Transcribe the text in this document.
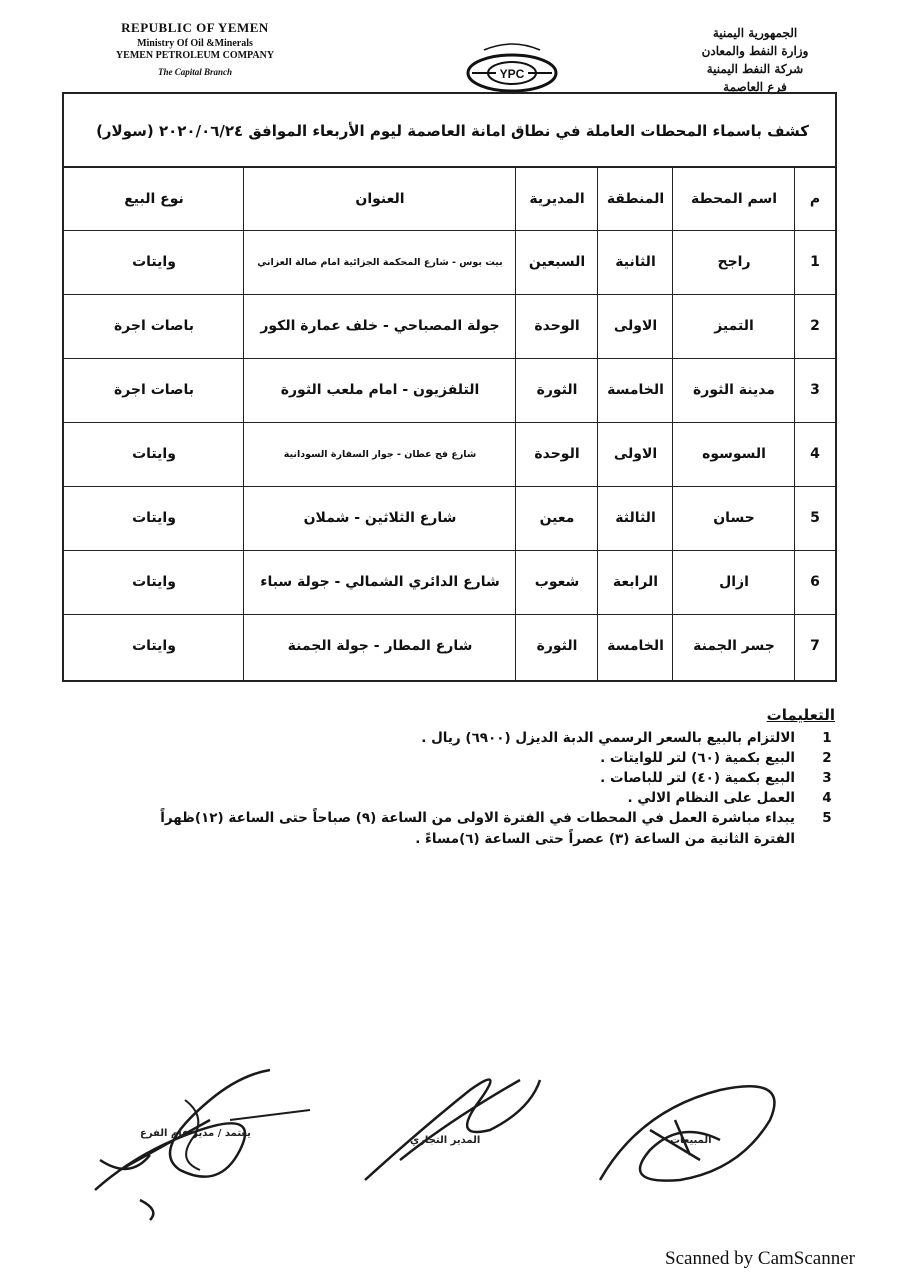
REPUBLIC OF YEMEN
Ministry Of Oil &Minerals
YEMEN PETROLEUM COMPANY
The Capital Branch	YPC
الجمهورية اليمنية
وزارة النفط والمعادن
شركة النفط اليمنية
فرع العاصمة
كشف باسماء المحطات العاملة في نطاق امانة العاصمة ليوم الأربعاء الموافق ٢٠٢٠/٠٦/٢٤ (سولار)
م
اسم المحطة
المنطقة
المديرية
العنوان
نوع البيع
1
راجح
الثانية
السبعين
بيت بوس - شارع المحكمة الجزائية امام صالة العزاني
وايتات
2
التميز
الاولى
الوحدة
جولة المصباحي - خلف عمارة الكور
باصات اجرة
3
مدينة الثورة
الخامسة
الثورة
التلفزيون - امام ملعب الثورة
باصات اجرة
4
السوسوه
الاولى
الوحدة
شارع فج عطان - جوار السفارة السودانية
وايتات
5
حسان
الثالثة
معين
شارع الثلاثين - شملان
وايتات
6
ازال
الرابعة
شعوب
شارع الدائري الشمالي - جولة سباء
وايتات
7
جسر الجمنة
الخامسة
الثورة
شارع المطار - جولة الجمنة
وايتات
التعليمات
1
الالتزام بالبيع بالسعر الرسمي الدبة الديزل (٦٩٠٠) ريال .
2
البيع بكمية (٦٠) لتر للوايتات .
3
البيع بكمية (٤٠) لتر للباصات .
4
العمل على النظام الالي .
5
يبداء مباشرة العمل في المحطات في الفترة الاولى من الساعة (٩) صباحاً حتى الساعة (١٢)ظهراً
الفترة الثانية من الساعة (٣) عصراً حتى الساعة (٦)مساءً .
يعتمد / مدير عام الفرع
المدير التجاري	المبيعات
Scanned by CamScanner
